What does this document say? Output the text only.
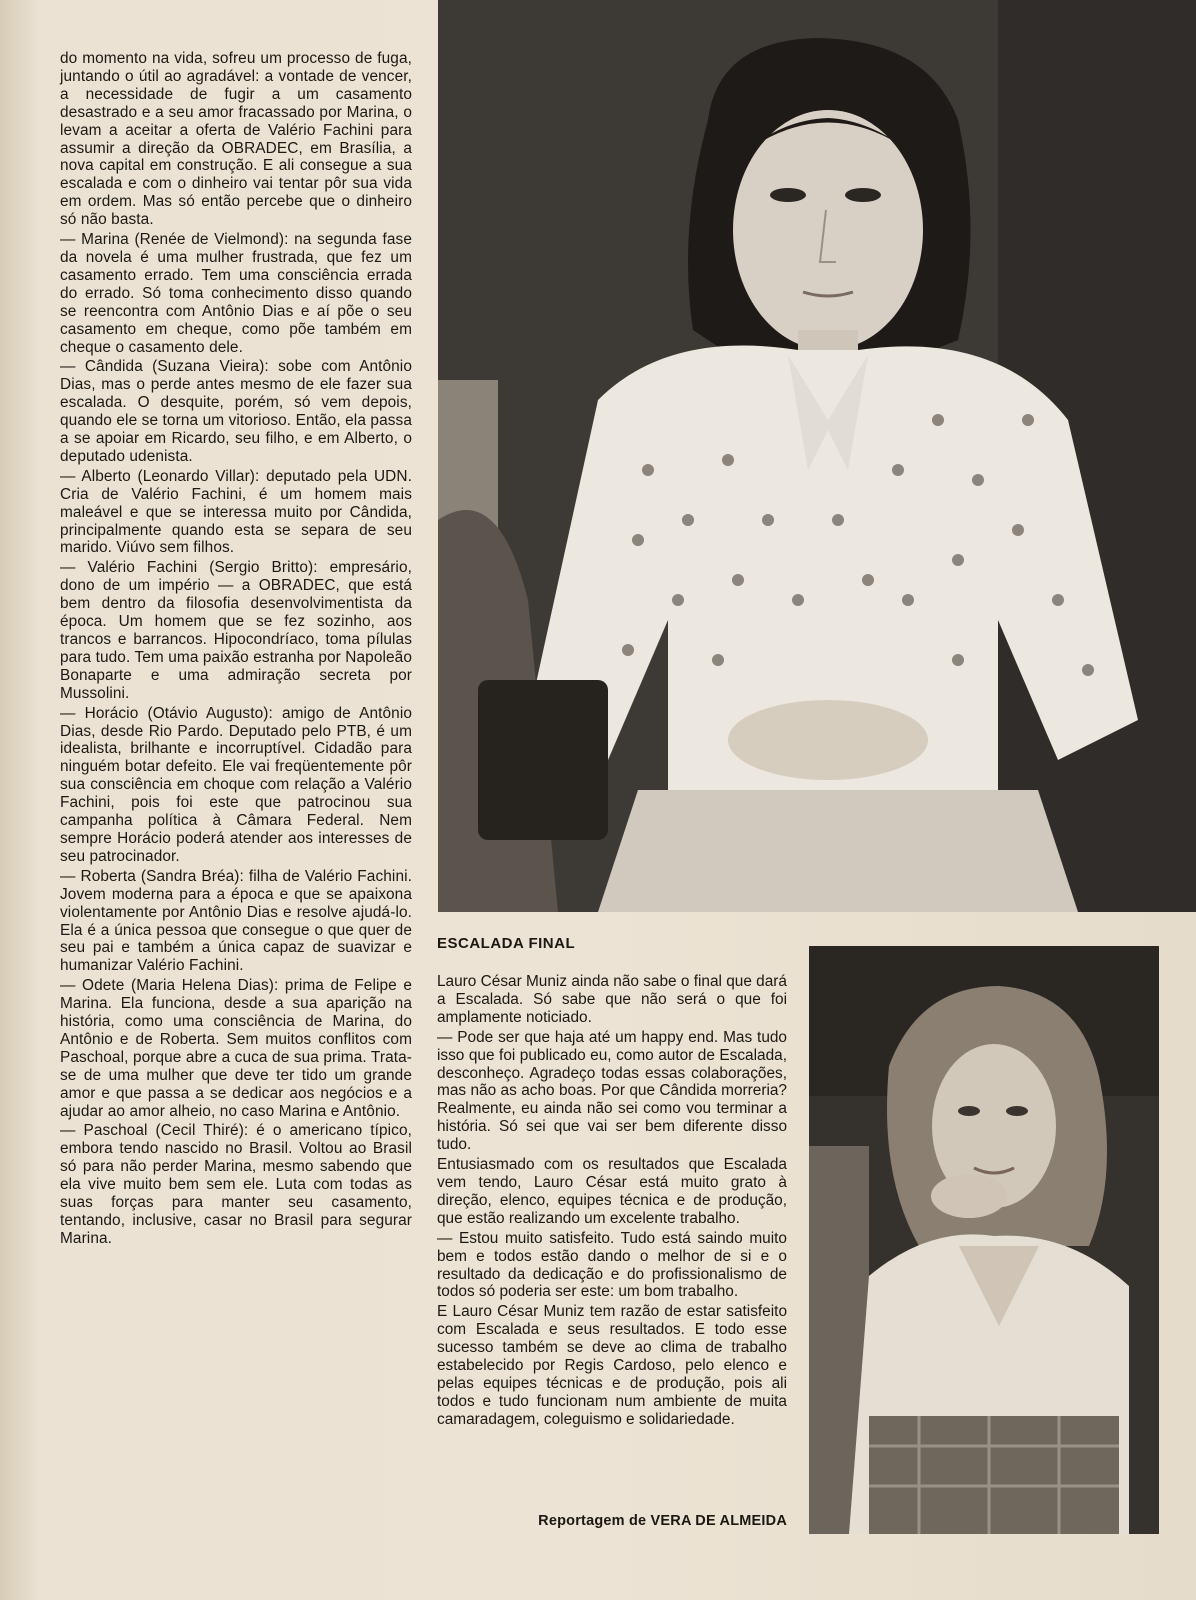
do momento na vida, sofreu um processo de fuga, juntando o útil ao agradável: a vontade de vencer, a necessidade de fugir a um casamento desastrado e a seu amor fracassado por Marina, o levam a aceitar a oferta de Valério Fachini para assumir a direção da OBRADEC, em Brasília, a nova capital em construção. E ali consegue a sua escalada e com o dinheiro vai tentar pôr sua vida em ordem. Mas só então percebe que o dinheiro só não basta.

— Marina (Renée de Vielmond): na segunda fase da novela é uma mulher frustrada, que fez um casamento errado. Tem uma consciência errada do errado. Só toma conhecimento disso quando se reencontra com Antônio Dias e aí põe o seu casamento em cheque, como põe também em cheque o casamento dele.

— Cândida (Suzana Vieira): sobe com Antônio Dias, mas o perde antes mesmo de ele fazer sua escalada. O desquite, porém, só vem depois, quando ele se torna um vitorioso. Então, ela passa a se apoiar em Ricardo, seu filho, e em Alberto, o deputado udenista.

— Alberto (Leonardo Villar): deputado pela UDN. Cria de Valério Fachini, é um homem mais maleável e que se interessa muito por Cândida, principalmente quando esta se separa de seu marido. Viúvo sem filhos.

— Valério Fachini (Sergio Britto): empresário, dono de um império — a OBRADEC, que está bem dentro da filosofia desenvolvimentista da época. Um homem que se fez sozinho, aos trancos e barrancos. Hipocondríaco, toma pílulas para tudo. Tem uma paixão estranha por Napoleão Bonaparte e uma admiração secreta por Mussolini.

— Horácio (Otávio Augusto): amigo de Antônio Dias, desde Rio Pardo. Deputado pelo PTB, é um idealista, brilhante e incorruptível. Cidadão para ninguém botar defeito. Ele vai freqüentemente pôr sua consciência em choque com relação a Valério Fachini, pois foi este que patrocinou sua campanha política à Câmara Federal. Nem sempre Horácio poderá atender aos interesses de seu patrocinador.

— Roberta (Sandra Bréa): filha de Valério Fachini. Jovem moderna para a época e que se apaixona violentamente por Antônio Dias e resolve ajudá-lo. Ela é a única pessoa que consegue o que quer de seu pai e também a única capaz de suavizar e humanizar Valério Fachini.

— Odete (Maria Helena Dias): prima de Felipe e Marina. Ela funciona, desde a sua aparição na história, como uma consciência de Marina, do Antônio e de Roberta. Sem muitos conflitos com Paschoal, porque abre a cuca de sua prima. Trata-se de uma mulher que deve ter tido um grande amor e que passa a se dedicar aos negócios e a ajudar ao amor alheio, no caso Marina e Antônio.

— Paschoal (Cecil Thiré): é o americano típico, embora tendo nascido no Brasil. Voltou ao Brasil só para não perder Marina, mesmo sabendo que ela vive muito bem sem ele. Luta com todas as suas forças para manter seu casamento, tentando, inclusive, casar no Brasil para segurar Marina.

ESCALADA FINAL

Lauro César Muniz ainda não sabe o final que dará a Escalada. Só sabe que não será o que foi amplamente noticiado.

— Pode ser que haja até um happy end. Mas tudo isso que foi publicado eu, como autor de Escalada, desconheço. Agradeço todas essas colaborações, mas não as acho boas. Por que Cândida morreria? Realmente, eu ainda não sei como vou terminar a história. Só sei que vai ser bem diferente disso tudo.

Entusiasmado com os resultados que Escalada vem tendo, Lauro César está muito grato à direção, elenco, equipes técnica e de produção, que estão realizando um excelente trabalho.

— Estou muito satisfeito. Tudo está saindo muito bem e todos estão dando o melhor de si e o resultado da dedicação e do profissionalismo de todos só poderia ser este: um bom trabalho.

E Lauro César Muniz tem razão de estar satisfeito com Escalada e seus resultados. E todo esse sucesso também se deve ao clima de trabalho estabelecido por Regis Cardoso, pelo elenco e pelas equipes técnicas e de produção, pois ali todos e tudo funcionam num ambiente de muita camaradagem, coleguismo e solidariedade.

Reportagem de VERA DE ALMEIDA
